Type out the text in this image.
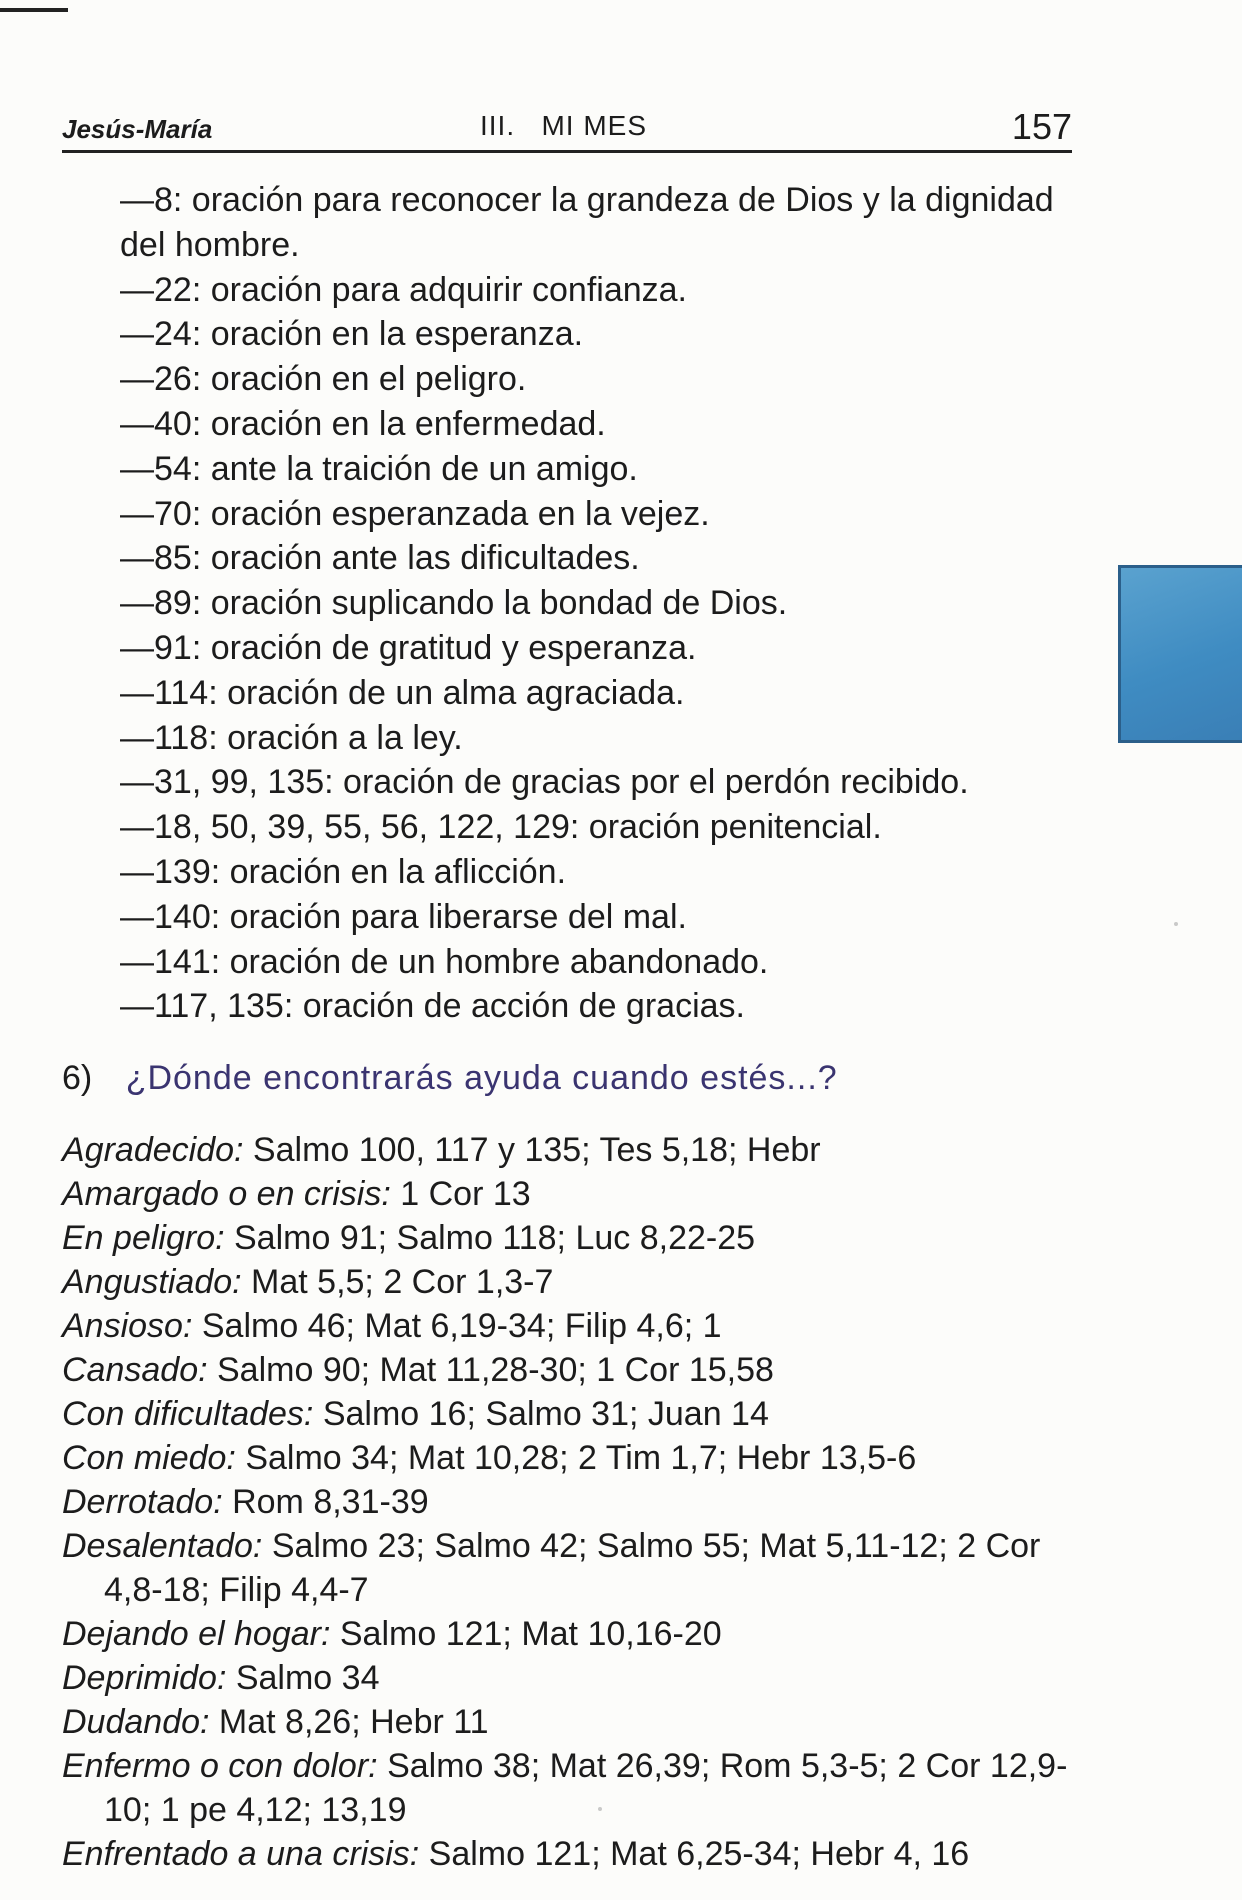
Jesús-María	III.   MI MES	157
—8: oración para reconocer la grandeza de Dios y la dignidad del hombre.
—22: oración para adquirir confianza.
—24: oración en la esperanza.
—26: oración en el peligro.
—40: oración en la enfermedad.
—54: ante la traición de un amigo.
—70: oración esperanzada en la vejez.
—85: oración ante las dificultades.
—89: oración suplicando la bondad de Dios.
—91: oración de gratitud y esperanza.
—114: oración de un alma agraciada.
—118: oración a la ley.
—31, 99, 135: oración de gracias por el perdón recibido.
—18, 50, 39, 55, 56, 122, 129: oración penitencial.
—139: oración en la aflicción.
—140: oración para liberarse del mal.
—141: oración de un hombre abandonado.
—117, 135: oración de acción de gracias.
6) ¿Dónde encontrarás ayuda cuando estés...?
Agradecido: Salmo 100, 117 y 135; Tes 5,18; Hebr
Amargado o en crisis: 1 Cor 13
En peligro: Salmo 91; Salmo 118; Luc 8,22-25
Angustiado: Mat 5,5; 2 Cor 1,3-7
Ansioso: Salmo 46; Mat 6,19-34; Filip 4,6; 1
Cansado: Salmo 90; Mat 11,28-30; 1 Cor 15,58
Con dificultades: Salmo 16; Salmo 31; Juan 14
Con miedo: Salmo 34; Mat 10,28; 2 Tim 1,7; Hebr 13,5-6
Derrotado: Rom 8,31-39
Desalentado: Salmo 23; Salmo 42; Salmo 55; Mat 5,11-12; 2 Cor 4,8-18; Filip 4,4-7
Dejando el hogar: Salmo 121; Mat 10,16-20
Deprimido: Salmo 34
Dudando: Mat 8,26; Hebr 11
Enfermo o con dolor: Salmo 38; Mat 26,39; Rom 5,3-5; 2 Cor 12,9-10; 1 pe 4,12; 13,19
Enfrentado a una crisis: Salmo 121; Mat 6,25-34; Hebr 4, 16
